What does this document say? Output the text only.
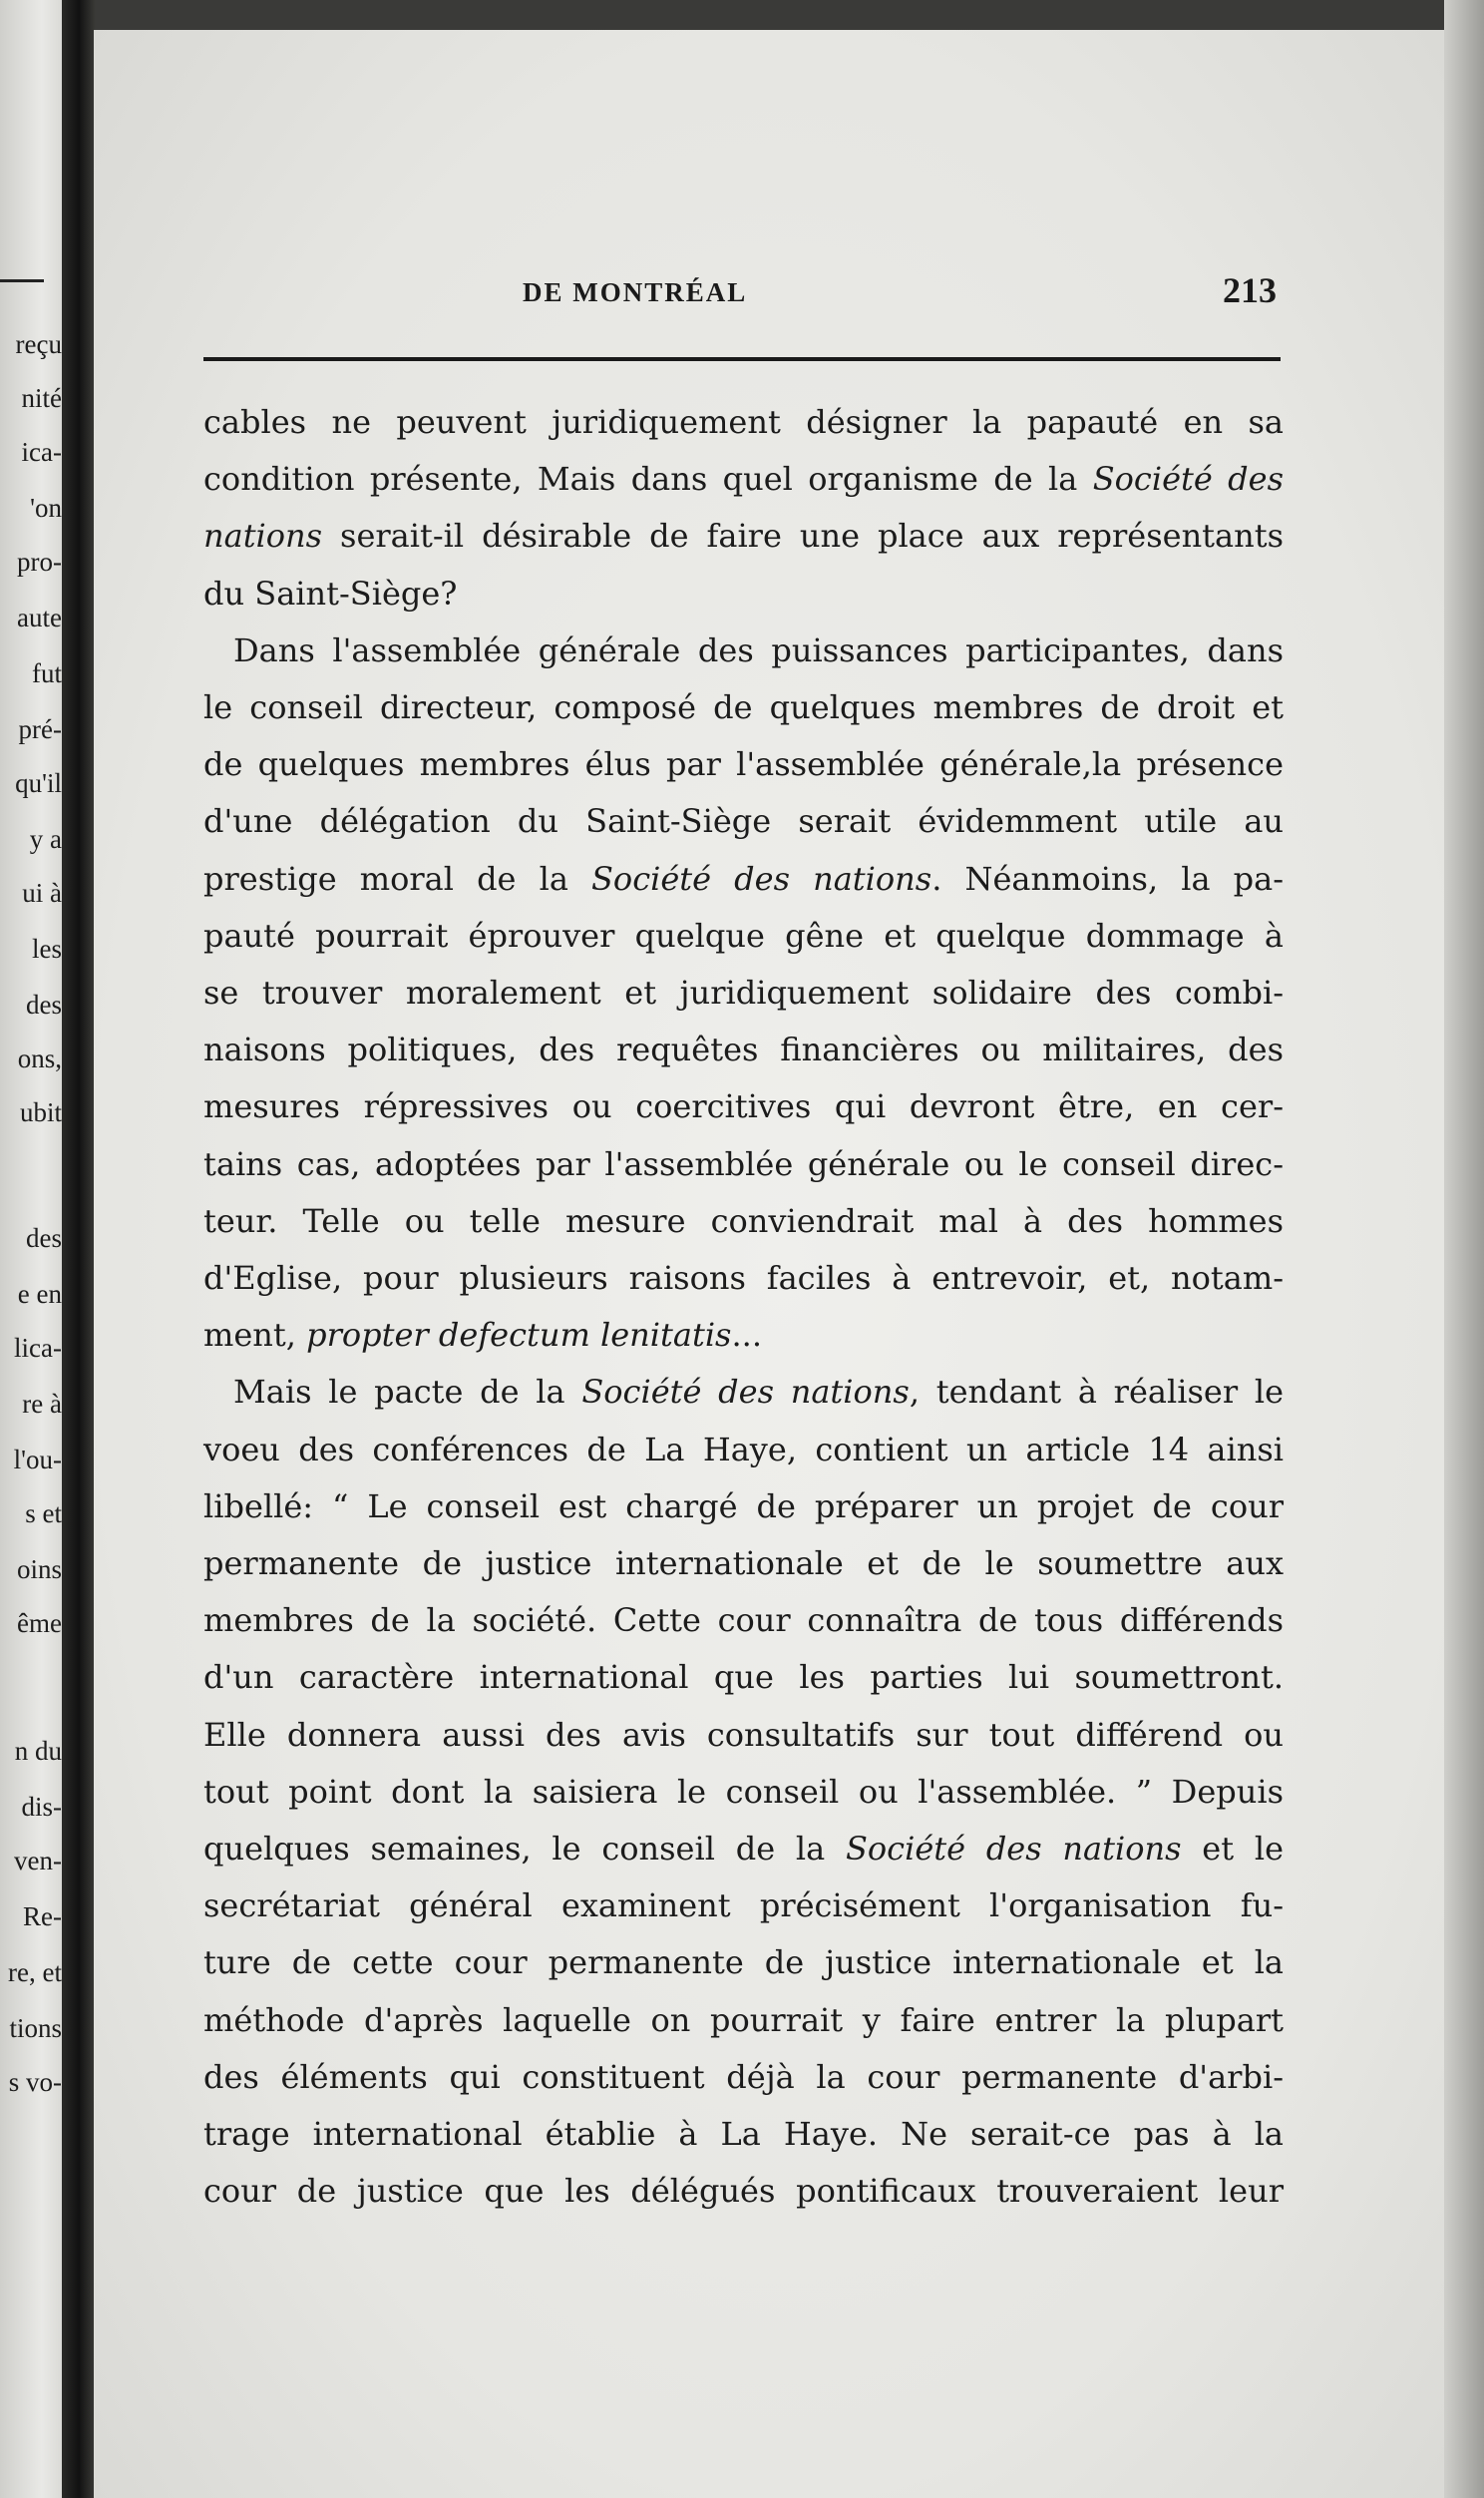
reçu
nité
ica-
'on
pro-
aute
fut
pré-
qu'il
y a
ui à
les
des
ons,
ubit
des
e en
lica-
re à
l'ou-
s et
oins
ême
n du
dis-
ven-
Re-
re, et
tions
s vo-
DE MONTRÉAL	213

cables ne peuvent juridiquement désigner la papauté en sa

condition présente, Mais dans quel organisme de la Société des

nations serait-il désirable de faire une place aux représentants

du Saint-Siège?

Dans l'assemblée générale des puissances participantes, dans

le conseil directeur, composé de quelques membres de droit et

de quelques membres élus par l'assemblée générale,la présence

d'une délégation du Saint-Siège serait évidemment utile au

prestige moral de la Société des nations. Néanmoins, la pa-

pauté pourrait éprouver quelque gêne et quelque dommage à

se trouver moralement et juridiquement solidaire des combi-

naisons politiques, des requêtes financières ou militaires, des

mesures répressives ou coercitives qui devront être, en cer-

tains cas, adoptées par l'assemblée générale ou le conseil direc-

teur. Telle ou telle mesure conviendrait mal à des hommes

d'Eglise, pour plusieurs raisons faciles à entrevoir, et, notam-

ment, propter defectum lenitatis...

Mais le pacte de la Société des nations, tendant à réaliser le

voeu des conférences de La Haye, contient un article 14 ainsi

libellé: “ Le conseil est chargé de préparer un projet de cour

permanente de justice internationale et de le soumettre aux

membres de la société. Cette cour connaîtra de tous différends

d'un caractère international que les parties lui soumettront.

Elle donnera aussi des avis consultatifs sur tout différend ou

tout point dont la saisiera le conseil ou l'assemblée. ” Depuis

quelques semaines, le conseil de la Société des nations et le

secrétariat général examinent précisément l'organisation fu-

ture de cette cour permanente de justice internationale et la

méthode d'après laquelle on pourrait y faire entrer la plupart

des éléments qui constituent déjà la cour permanente d'arbi-

trage international établie à La Haye. Ne serait-ce pas à la

cour de justice que les délégués pontificaux trouveraient leur
